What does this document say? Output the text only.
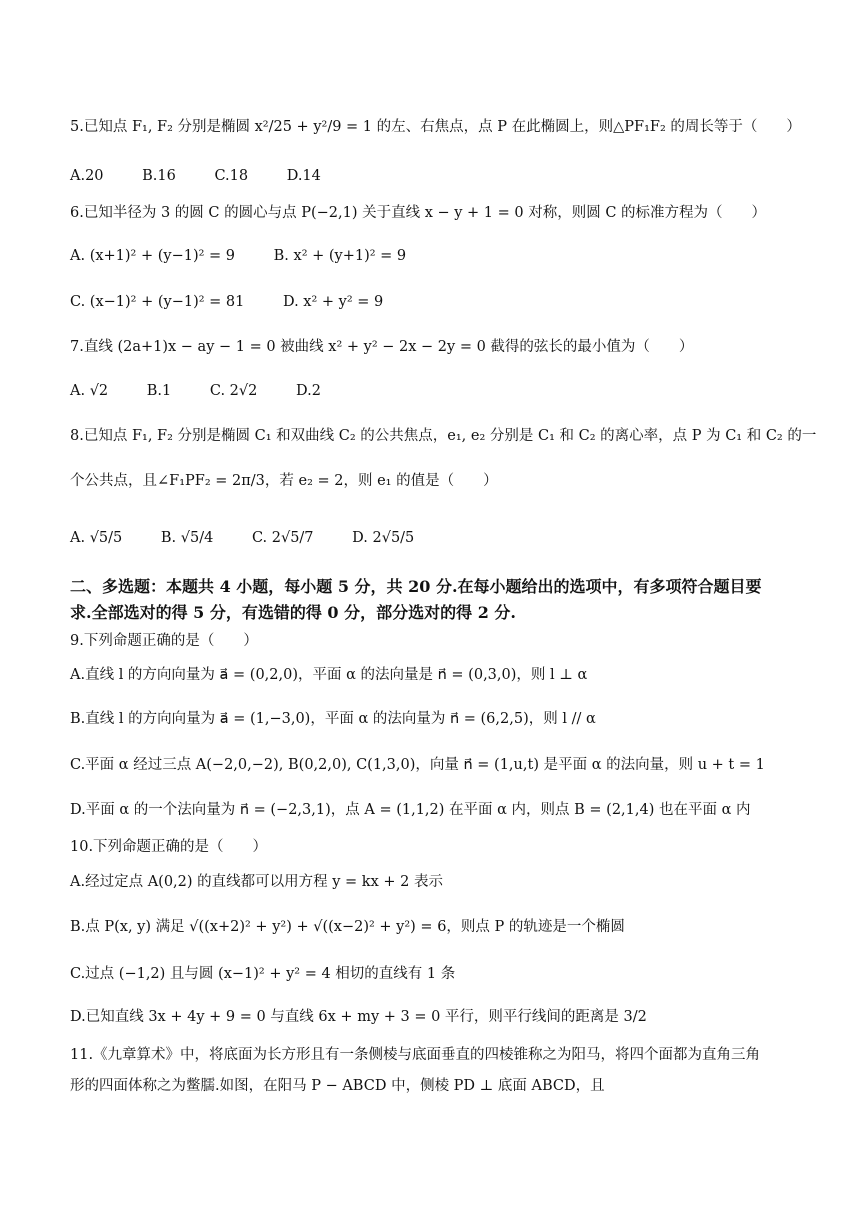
5.已知点 F₁, F₂ 分别是椭圆 x²/25 + y²/9 = 1 的左、右焦点，点 P 在此椭圆上，则△PF₁F₂ 的周长等于（　　）
A.20	B.16	C.18	D.14
6.已知半径为 3 的圆 C 的圆心与点 P(−2,1) 关于直线 x − y + 1 = 0 对称，则圆 C 的标准方程为（　　）
A. (x+1)² + (y−1)² = 9	B. x² + (y+1)² = 9
C. (x−1)² + (y−1)² = 81	D. x² + y² = 9
7.直线 (2a+1)x − ay − 1 = 0 被曲线 x² + y² − 2x − 2y = 0 截得的弦长的最小值为（　　）
A. √2	B.1	C. 2√2	D.2
8.已知点 F₁, F₂ 分别是椭圆 C₁ 和双曲线 C₂ 的公共焦点，e₁, e₂ 分别是 C₁ 和 C₂ 的离心率，点 P 为 C₁ 和 C₂ 的一
个公共点，且∠F₁PF₂ = 2π/3，若 e₂ = 2，则 e₁ 的值是（　　）
A. √5/5	B. √5/4	C. 2√5/7	D. 2√5/5
二、多选题：本题共 4 小题，每小题 5 分，共 20 分.在每小题给出的选项中，有多项符合题目要
求.全部选对的得 5 分，有选错的得 0 分，部分选对的得 2 分.
9.下列命题正确的是（　　）
A.直线 l 的方向向量为 a⃗ = (0,2,0)，平面 α 的法向量是 n⃗ = (0,3,0)，则 l ⊥ α
B.直线 l 的方向向量为 a⃗ = (1,−3,0)，平面 α 的法向量为 n⃗ = (6,2,5)，则 l // α
C.平面 α 经过三点 A(−2,0,−2), B(0,2,0), C(1,3,0)，向量 n⃗ = (1,u,t) 是平面 α 的法向量，则 u + t = 1
D.平面 α 的一个法向量为 n⃗ = (−2,3,1)，点 A = (1,1,2) 在平面 α 内，则点 B = (2,1,4) 也在平面 α 内
10.下列命题正确的是（　　）
A.经过定点 A(0,2) 的直线都可以用方程 y = kx + 2 表示
B.点 P(x, y) 满足 √((x+2)² + y²) + √((x−2)² + y²) = 6，则点 P 的轨迹是一个椭圆
C.过点 (−1,2) 且与圆 (x−1)² + y² = 4 相切的直线有 1 条
D.已知直线 3x + 4y + 9 = 0 与直线 6x + my + 3 = 0 平行，则平行线间的距离是 3/2
11.《九章算术》中，将底面为长方形且有一条侧棱与底面垂直的四棱锥称之为阳马，将四个面都为直角三角
形的四面体称之为鳖臑.如图，在阳马 P − ABCD 中，侧棱 PD ⊥ 底面 ABCD，且
